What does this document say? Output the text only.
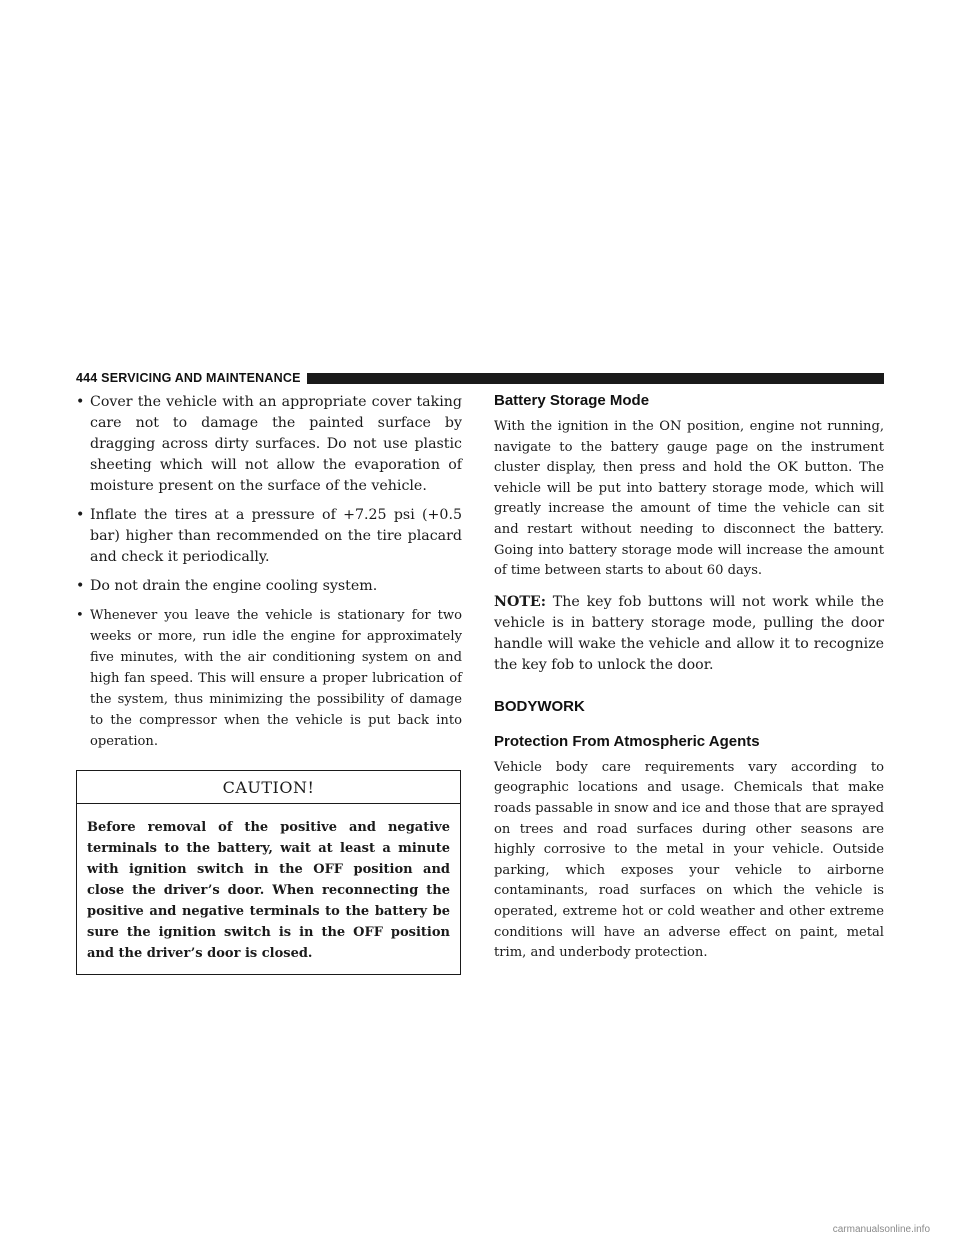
444 SERVICING AND MAINTENANCE
• Cover the vehicle with an appropriate cover taking care not to damage the painted surface by dragging across dirty surfaces. Do not use plastic sheeting which will not allow the evaporation of moisture present on the surface of the vehicle.
• Inflate the tires at a pressure of +7.25 psi (+0.5 bar) higher than recommended on the tire placard and check it periodically.
• Do not drain the engine cooling system.
• Whenever you leave the vehicle is stationary for two weeks or more, run idle the engine for approximately five minutes, with the air conditioning system on and high fan speed. This will ensure a proper lubrication of the system, thus minimizing the possibility of damage to the compressor when the vehicle is put back into operation.
CAUTION!
Before removal of the positive and negative terminals to the battery, wait at least a minute with ignition switch in the OFF position and close the driver’s door. When reconnecting the positive and negative terminals to the battery be sure the ignition switch is in the OFF position and the driver’s door is closed.
Battery Storage Mode

With the ignition in the ON position, engine not running, navigate to the battery gauge page on the instrument cluster display, then press and hold the OK button. The vehicle will be put into battery storage mode, which will greatly increase the amount of time the vehicle can sit and restart without needing to disconnect the battery. Going into battery storage mode will increase the amount of time between starts to about 60 days.

NOTE: The key fob buttons will not work while the vehicle is in battery storage mode, pulling the door handle will wake the vehicle and allow it to recognize the key fob to unlock the door.

BODYWORK
Protection From Atmospheric Agents

Vehicle body care requirements vary according to geographic locations and usage. Chemicals that make roads passable in snow and ice and those that are sprayed on trees and road surfaces during other seasons are highly corrosive to the metal in your vehicle. Outside parking, which exposes your vehicle to airborne contaminants, road surfaces on which the vehicle is operated, extreme hot or cold weather and other extreme conditions will have an adverse effect on paint, metal trim, and underbody protection.

carmanualsonline.info
